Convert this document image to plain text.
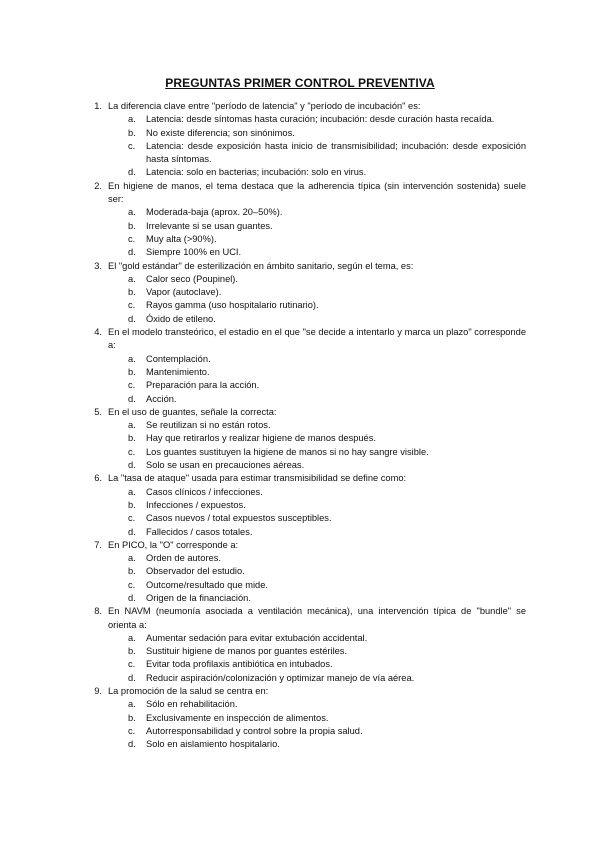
PREGUNTAS PRIMER CONTROL PREVENTIVA
1. La diferencia clave entre "período de latencia" y "período de incubación" es:
a. Latencia: desde síntomas hasta curación; incubación: desde curación hasta recaída.
b. No existe diferencia; son sinónimos.
c. Latencia: desde exposición hasta inicio de transmisibilidad; incubación: desde exposición hasta síntomas.
d. Latencia: solo en bacterias; incubación: solo en virus.
2. En higiene de manos, el tema destaca que la adherencia típica (sin intervención sostenida) suele ser:
a. Moderada-baja (aprox. 20–50%).
b. Irrelevante si se usan guantes.
c. Muy alta (>90%).
d. Siempre 100% en UCI.
3. El "gold estándar" de esterilización en ámbito sanitario, según el tema, es:
a. Calor seco (Poupinel).
b. Vapor (autoclave).
c. Rayos gamma (uso hospitalario rutinario).
d. Óxido de etileno.
4. En el modelo transteórico, el estadio en el que "se decide a intentarlo y marca un plazo" corresponde a:
a. Contemplación.
b. Mantenimiento.
c. Preparación para la acción.
d. Acción.
5. En el uso de guantes, señale la correcta:
a. Se reutilizan si no están rotos.
b. Hay que retirarlos y realizar higiene de manos después.
c. Los guantes sustituyen la higiene de manos si no hay sangre visible.
d. Solo se usan en precauciones aéreas.
6. La "tasa de ataque" usada para estimar transmisibilidad se define como:
a. Casos clínicos / infecciones.
b. Infecciones / expuestos.
c. Casos nuevos / total expuestos susceptibles.
d. Fallecidos / casos totales.
7. En PICO, la "O" corresponde a:
a. Orden de autores.
b. Observador del estudio.
c. Outcome/resultado que mide.
d. Origen de la financiación.
8. En NAVM (neumonía asociada a ventilación mecánica), una intervención típica de "bundle" se orienta a:
a. Aumentar sedación para evitar extubación accidental.
b. Sustituir higiene de manos por guantes estériles.
c. Evitar toda profilaxis antibiótica en intubados.
d. Reducir aspiración/colonización y optimizar manejo de vía aérea.
9. La promoción de la salud se centra en:
a. Sólo en rehabilitación.
b. Exclusivamente en inspección de alimentos.
c. Autorresponsabilidad y control sobre la propia salud.
d. Solo en aislamiento hospitalario.
